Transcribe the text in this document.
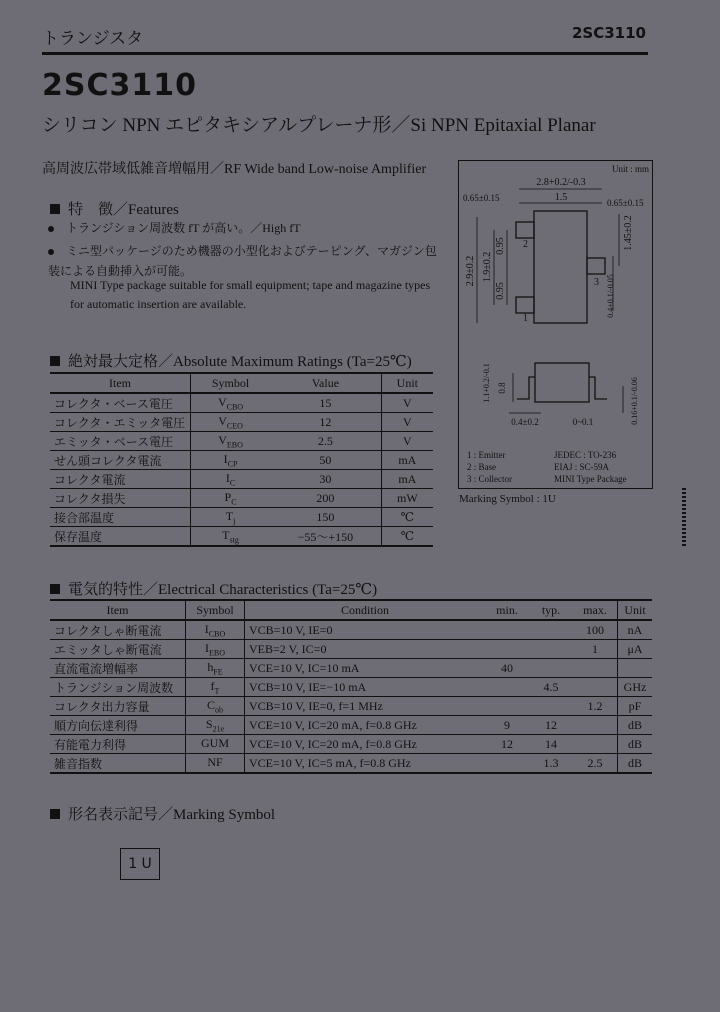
トランジスタ	2SC3110
2SC3110
シリコン NPN エピタキシアルプレーナ形／Si NPN Epitaxial Planar
高周波広帯域低雑音増幅用／RF Wide band Low-noise Amplifier
特　徴／Features
トランジション周波数 fT が高い。／High fT
ミニ型パッケージのため機器の小型化およびテーピング、マガジン包装による自動挿入が可能。
MINI Type package suitable for small equipment; tape and magazine types for automatic insertion are available.
絶対最大定格／Absolute Maximum Ratings (Ta=25℃)
Item	Symbol	Value	Unit
コレクタ・ベース電圧	$V_{CBO}$	15	V
コレクタ・エミッタ電圧	$V_{CEO}$	12	V
エミッタ・ベース電圧	$V_{EBO}$	2.5	V
せん頭コレクタ電流	$I_{CP}$	50	mA
コレクタ電流	$I_C$	30	mA
コレクタ損失	$P_C$	200	mW
接合部温度	$T_j$	150	℃
保存温度	$T_{stg}$	−55～+150	℃
電気的特性／Electrical Characteristics (Ta=25℃)
Item	Symbol	Condition	min.	typ.	max.	Unit
コレクタしゃ断電流	$I_{CBO}$	VCB=10 V, IE=0			100	nA
エミッタしゃ断電流	$I_{EBO}$	VEB=2 V, IC=0			1	μA
直流電流増幅率	$h_{FE}$	VCE=10 V, IC=10 mA	40			
トランジション周波数	$f_T$	VCB=10 V, IE=−10 mA		4.5		GHz
コレクタ出力容量	$C_{ob}$	VCB=10 V, IE=0, f=1 MHz			1.2	pF
順方向伝達利得	$S_{21e}$	VCE=10 V, IC=20 mA, f=0.8 GHz	9	12		dB
有能電力利得	GUM	VCE=10 V, IC=20 mA, f=0.8 GHz	12	14		dB
雑音指数	NF	VCE=10 V, IC=5 mA, f=0.8 GHz		1.3	2.5	dB
Unit : mm
2.8+0.2/-0.3
0.65±0.15	1.5	0.65±0.15
2.9±0.2 1.9±0.2
0.95
0.95
1.45±0.2
0.4+0.1/-0.05
1.1+0.2/-0.1 0.8
0.4±0.2	0~0.1	0.16+0.1/-0.06
1
2
3
1 : Emitter
2 : Base
3 : Collector
JEDEC : TO-236
EIAJ : SC-59A
MINI Type Package
Marking Symbol : 1U
形名表示記号／Marking Symbol
1 U
